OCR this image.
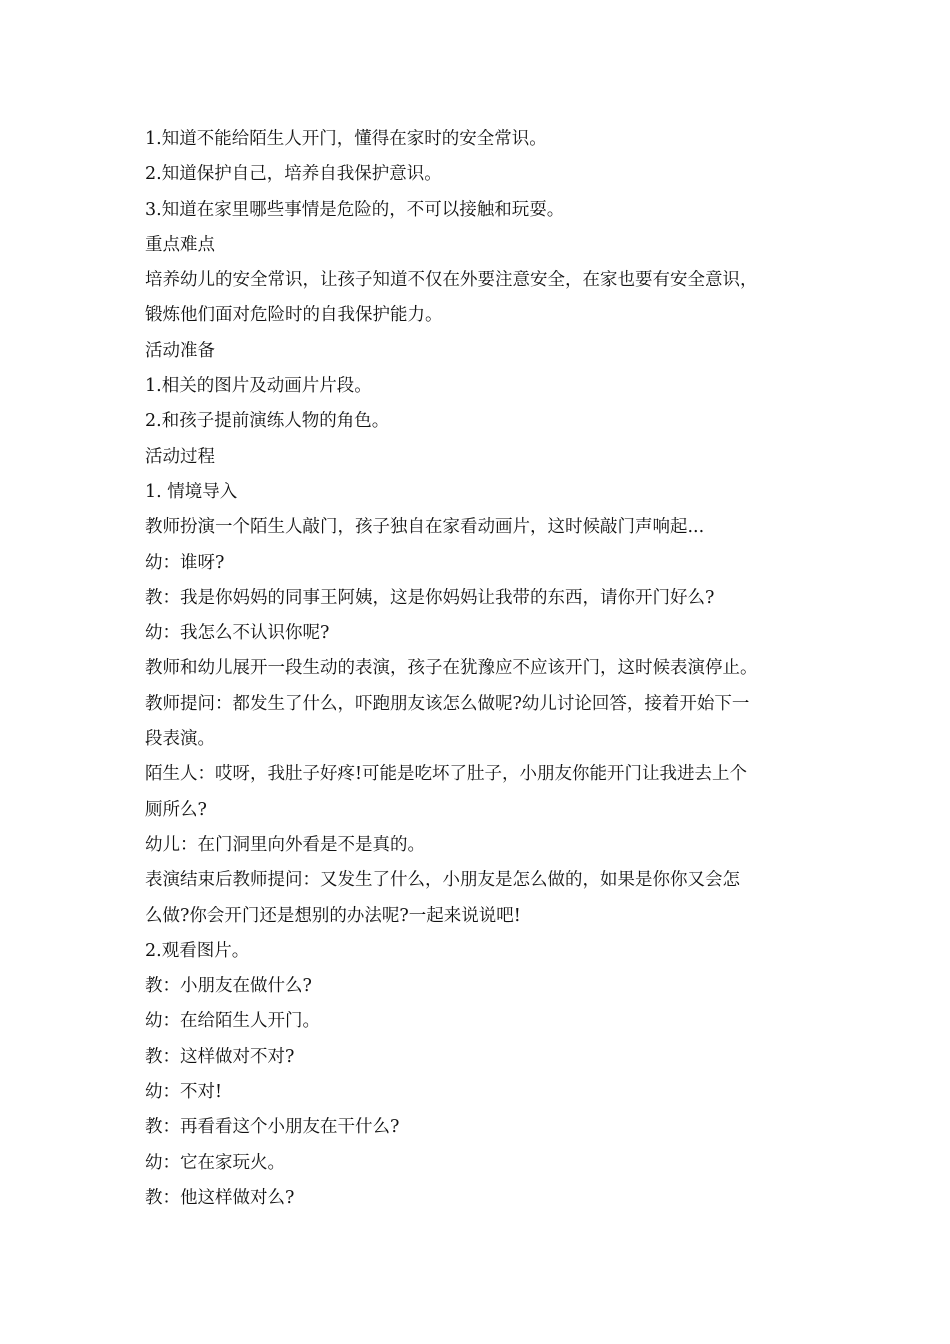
1.知道不能给陌生人开门，懂得在家时的安全常识。
2.知道保护自己，培养自我保护意识。
3.知道在家里哪些事情是危险的，不可以接触和玩耍。
重点难点
培养幼儿的安全常识，让孩子知道不仅在外要注意安全，在家也要有安全意识，
锻炼他们面对危险时的自我保护能力。
活动准备
1.相关的图片及动画片片段。
2.和孩子提前演练人物的角色。
活动过程
1. 情境导入
教师扮演一个陌生人敲门，孩子独自在家看动画片，这时候敲门声响起...
幼：谁呀?
教：我是你妈妈的同事王阿姨，这是你妈妈让我带的东西，请你开门好么?
幼：我怎么不认识你呢?
教师和幼儿展开一段生动的表演，孩子在犹豫应不应该开门，这时候表演停止。
教师提问：都发生了什么，吓跑朋友该怎么做呢?幼儿讨论回答，接着开始下一
段表演。
陌生人：哎呀，我肚子好疼!可能是吃坏了肚子，小朋友你能开门让我进去上个
厕所么?
幼儿：在门洞里向外看是不是真的。
表演结束后教师提问：又发生了什么，小朋友是怎么做的，如果是你你又会怎
么做?你会开门还是想别的办法呢?一起来说说吧!
2.观看图片。
教：小朋友在做什么?
幼：在给陌生人开门。
教：这样做对不对?
幼：不对!
教：再看看这个小朋友在干什么?
幼：它在家玩火。
教：他这样做对么?
